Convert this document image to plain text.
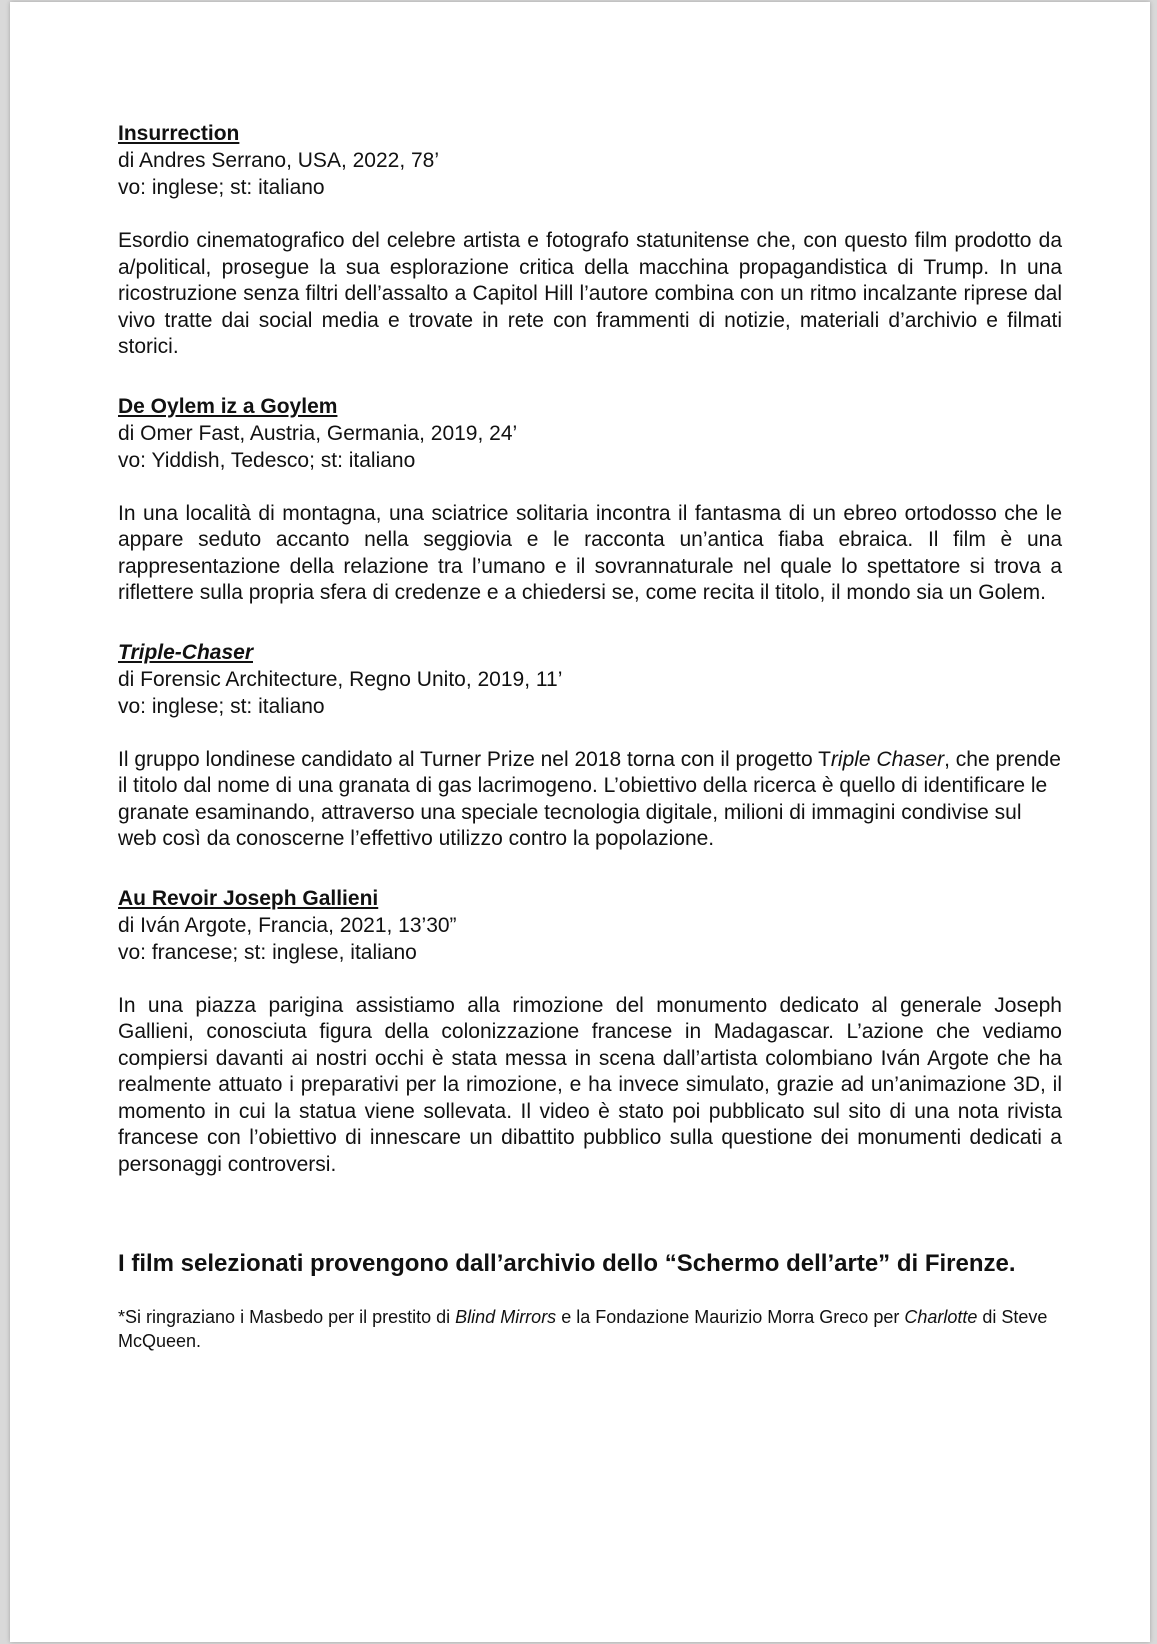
Insurrection
di Andres Serrano, USA, 2022, 78’
vo: inglese; st: italiano
Esordio cinematografico del celebre artista e fotografo statunitense che, con questo film prodotto da a/political, prosegue la sua esplorazione critica della macchina propagandistica di Trump. In una ricostruzione senza filtri dell’assalto a Capitol Hill l’autore combina con un ritmo incalzante riprese dal vivo tratte dai social media e trovate in rete con frammenti di notizie, materiali d’archivio e filmati storici.
De Oylem iz a Goylem
di Omer Fast, Austria, Germania, 2019, 24’
vo: Yiddish, Tedesco; st: italiano
In una località di montagna, una sciatrice solitaria incontra il fantasma di un ebreo ortodosso che le appare seduto accanto nella seggiovia e le racconta un’antica fiaba ebraica. Il film è una rappresentazione della relazione tra l’umano e il sovrannaturale nel quale lo spettatore si trova a riflettere sulla propria sfera di credenze e a chiedersi se, come recita il titolo, il mondo sia un Golem.
Triple-Chaser
di Forensic Architecture, Regno Unito, 2019, 11’
vo: inglese; st: italiano
Il gruppo londinese candidato al Turner Prize nel 2018 torna con il progetto Triple Chaser, che prende il titolo dal nome di una granata di gas lacrimogeno. L’obiettivo della ricerca è quello di identificare le granate esaminando, attraverso una speciale tecnologia digitale, milioni di immagini condivise sul web così da conoscerne l’effettivo utilizzo contro la popolazione.
Au Revoir Joseph Gallieni
di Iván Argote, Francia, 2021, 13’30”
vo: francese; st: inglese, italiano
In una piazza parigina assistiamo alla rimozione del monumento dedicato al generale Joseph Gallieni, conosciuta figura della colonizzazione francese in Madagascar. L’azione che vediamo compiersi davanti ai nostri occhi è stata messa in scena dall’artista colombiano Iván Argote che ha realmente attuato i preparativi per la rimozione, e ha invece simulato, grazie ad un’animazione 3D, il momento in cui la statua viene sollevata. Il video è stato poi pubblicato sul sito di una nota rivista francese con l’obiettivo di innescare un dibattito pubblico sulla questione dei monumenti dedicati a personaggi controversi.
I film selezionati provengono dall’archivio dello “Schermo dell’arte” di Firenze.
*Si ringraziano i Masbedo per il prestito di Blind Mirrors e la Fondazione Maurizio Morra Greco per Charlotte di Steve McQueen.
